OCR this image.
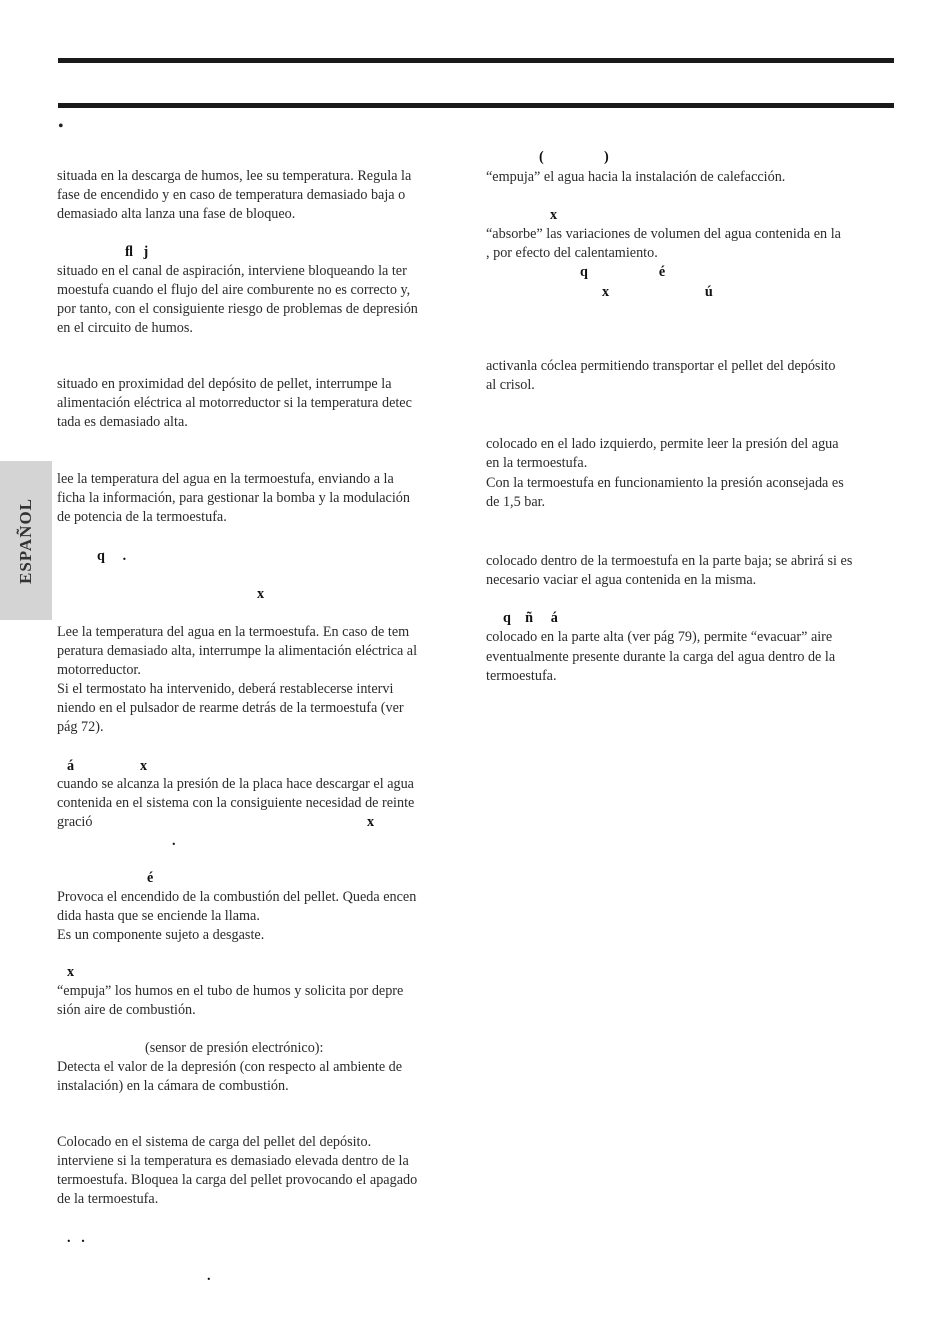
•
ESPAÑOL
situada en la descarga de humos, lee su temperatura. Regula la
fase de encendido y en caso de temperatura demasiado baja o
demasiado alta lanza una fase de bloqueo.
ﬂ   j
situado en el canal de aspiración, interviene bloqueando la ter
moestufa cuando el flujo del aire comburente no es correcto y,
por tanto, con el consiguiente riesgo de problemas de depresión
en el circuito de humos.
situado en proximidad del depósito de pellet, interrumpe la
alimentación eléctrica al motorreductor si la temperatura detec
tada es demasiado alta.
lee la temperatura del agua en la termoestufa, enviando a la
ficha la información, para gestionar la bomba y la modulación
de potencia de la termoestufa.
q     .
x
Lee la temperatura del agua en la termoestufa. En caso de tem
peratura demasiado alta, interrumpe la alimentación eléctrica al
motorreductor.
Si el termostato ha intervenido, deberá restablecerse intervi
niendo en el pulsador de rearme detrás de la termoestufa (ver
pág 72).
á	x
cuando se alcanza la presión de la placa hace descargar el agua
contenida en el sistema con la consiguiente necesidad de reinte
gració	x
.
é
Provoca el encendido de la combustión del pellet. Queda encen
dida hasta que se enciende la llama.
Es un componente sujeto a desgaste.
x
“empuja” los humos en el tubo de humos y solicita por depre
sión aire de combustión.
(sensor de presión electrónico):
Detecta el valor de la depresión (con respecto al ambiente de
instalación) en la cámara de combustión.
Colocado en el sistema de carga del pellet del depósito.
interviene si la temperatura es demasiado elevada dentro de la
termoestufa. Bloquea la carga del pellet provocando el apagado
de la termoestufa.
.   .
.
(                 )
“empuja” el agua hacia la instalación de calefacción.
x
“absorbe” las variaciones de volumen del agua contenida en la
, por efecto del calentamiento.
q                    é
x                           ú
activanla cóclea permitiendo transportar el pellet del depósito
al crisol.
colocado en el lado izquierdo, permite leer la presión del agua
en la termoestufa.
Con la termoestufa en funcionamiento la presión aconsejada es
de 1,5 bar.
colocado dentro de la termoestufa en la parte baja; se abrirá si es
necesario vaciar el agua contenida en la misma.
q    ñ     á
colocado en la parte alta (ver pág 79), permite “evacuar” aire
eventualmente presente durante la carga del agua dentro de la
termoestufa.
